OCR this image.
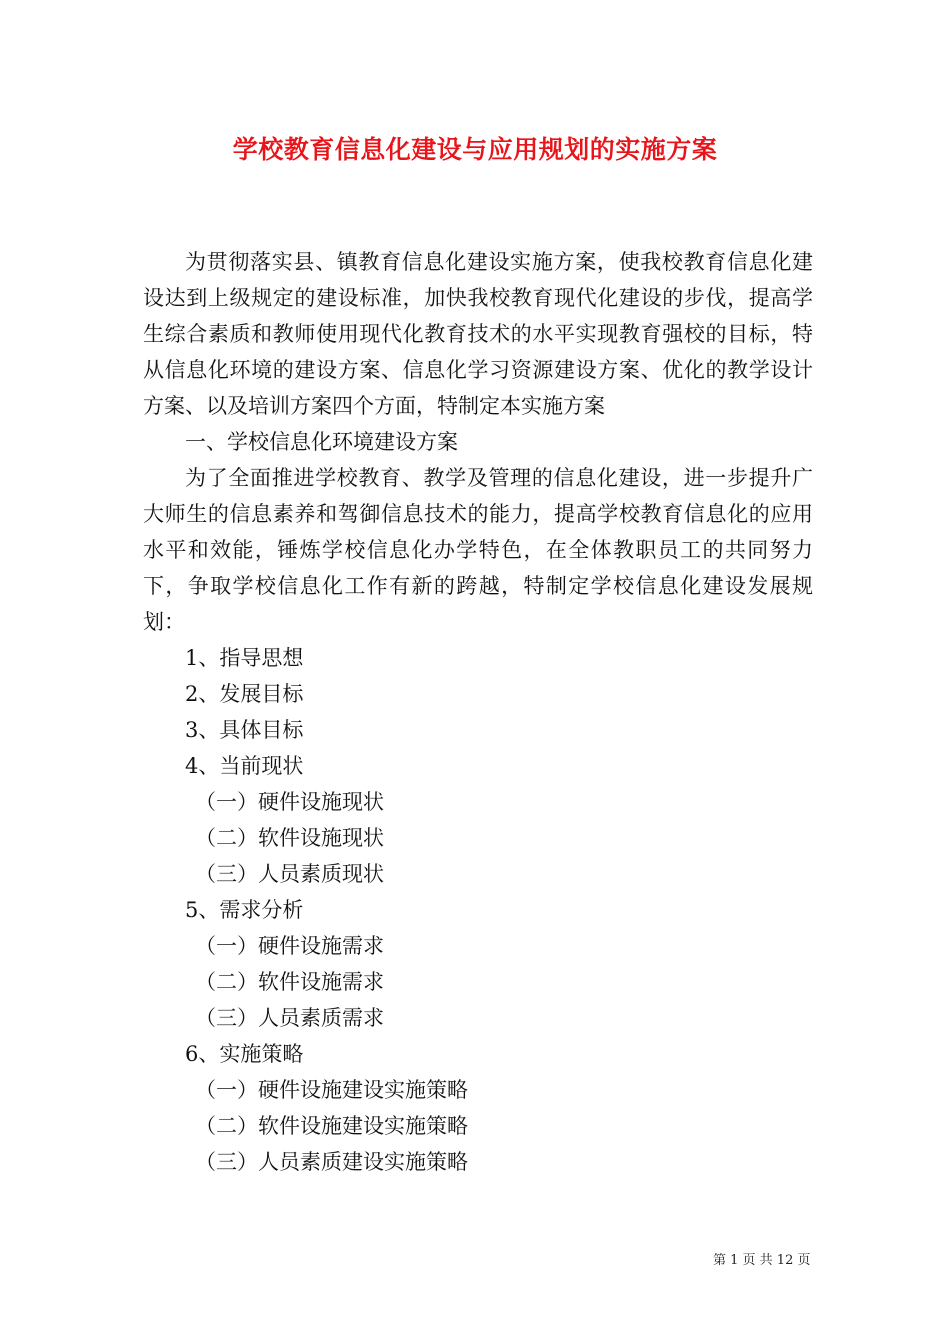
学校教育信息化建设与应用规划的实施方案

为贯彻落实县、镇教育信息化建设实施方案，使我校教育信息化建设达到上级规定的建设标准，加快我校教育现代化建设的步伐，提高学生综合素质和教师使用现代化教育技术的水平实现教育强校的目标，特从信息化环境的建设方案、信息化学习资源建设方案、优化的教学设计方案、以及培训方案四个方面，特制定本实施方案

一、学校信息化环境建设方案

为了全面推进学校教育、教学及管理的信息化建设，进一步提升广大师生的信息素养和驾御信息技术的能力，提高学校教育信息化的应用水平和效能，锤炼学校信息化办学特色，在全体教职员工的共同努力下，争取学校信息化工作有新的跨越，特制定学校信息化建设发展规划：

1、指导思想

2、发展目标

3、具体目标

4、当前现状

（一）硬件设施现状

（二）软件设施现状

（三）人员素质现状

5、需求分析

（一）硬件设施需求

（二）软件设施需求

（三）人员素质需求

6、实施策略

（一）硬件设施建设实施策略

（二）软件设施建设实施策略

（三）人员素质建设实施策略

第 1 页 共 12 页
